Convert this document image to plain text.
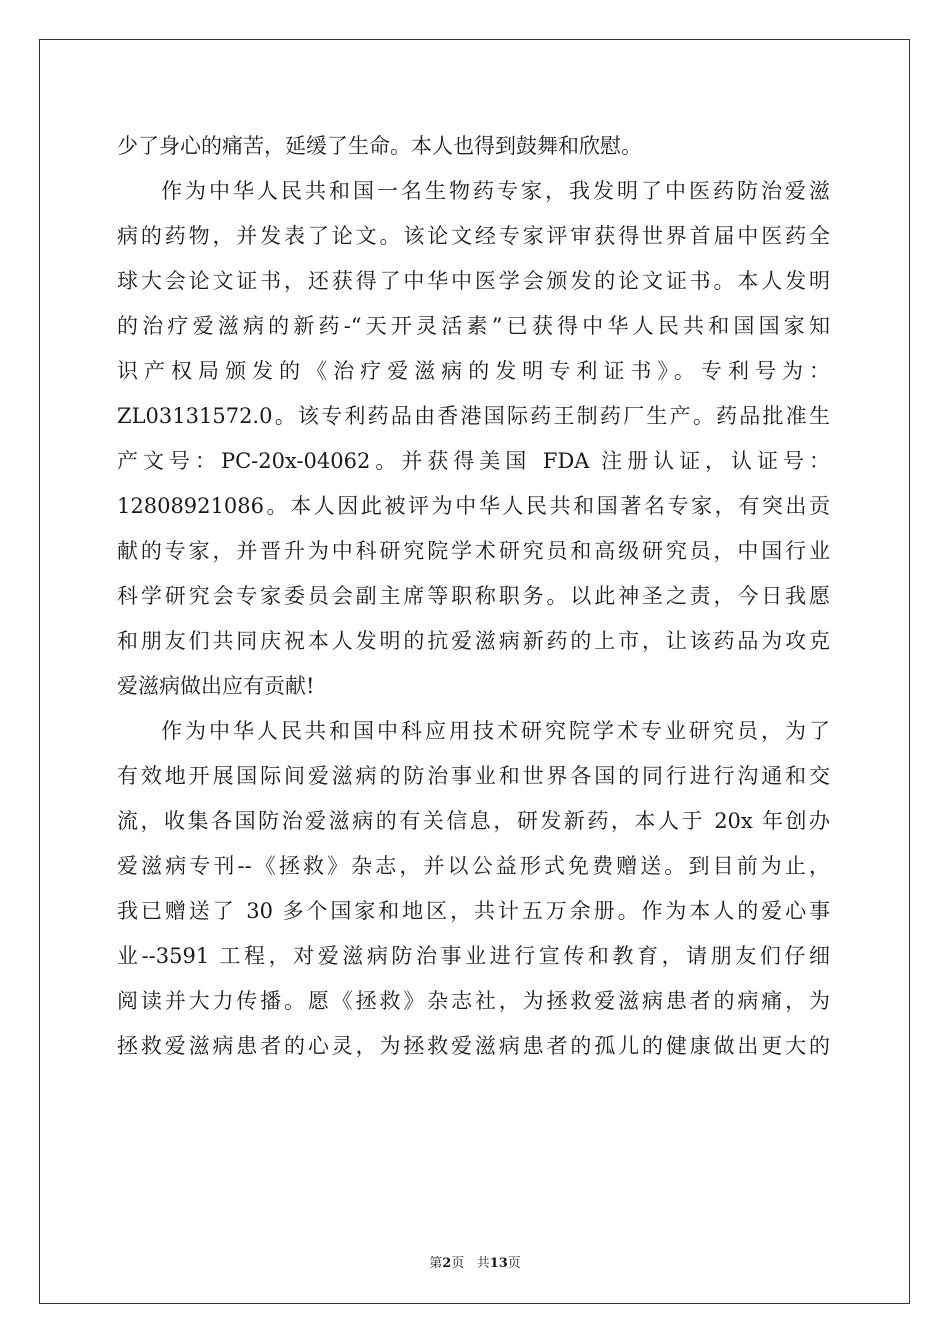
少了身心的痛苦，延缓了生命。本人也得到鼓舞和欣慰。
作为中华人民共和国一名生物药专家，我发明了中医药防治爱滋
病的药物，并发表了论文。该论文经专家评审获得世界首届中医药全
球大会论文证书，还获得了中华中医学会颁发的论文证书。本人发明
的治疗爱滋病的新药-“天开灵活素”已获得中华人民共和国国家知
识产权局颁发的《治疗爱滋病的发明专利证书》。专利号为：
ZL03131572.0。该专利药品由香港国际药王制药厂生产。药品批准生
产文号：PC-20x-04062。并获得美国 FDA 注册认证，认证号：
12808921086。本人因此被评为中华人民共和国著名专家，有突出贡
献的专家，并晋升为中科研究院学术研究员和高级研究员，中国行业
科学研究会专家委员会副主席等职称职务。以此神圣之责，今日我愿
和朋友们共同庆祝本人发明的抗爱滋病新药的上市，让该药品为攻克
爱滋病做出应有贡献!
作为中华人民共和国中科应用技术研究院学术专业研究员，为了
有效地开展国际间爱滋病的防治事业和世界各国的同行进行沟通和交
流，收集各国防治爱滋病的有关信息，研发新药，本人于 20x 年创办
爱滋病专刊--《拯救》杂志，并以公益形式免费赠送。到目前为止，
我已赠送了 30 多个国家和地区，共计五万余册。作为本人的爱心事
业--3591 工程，对爱滋病防治事业进行宣传和教育，请朋友们仔细
阅读并大力传播。愿《拯救》杂志社，为拯救爱滋病患者的病痛，为
拯救爱滋病患者的心灵，为拯救爱滋病患者的孤儿的健康做出更大的
第2页 共13页
